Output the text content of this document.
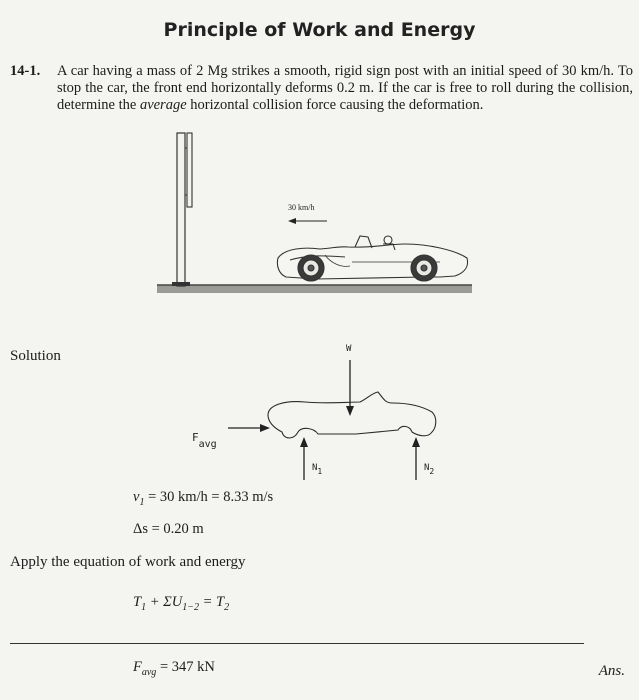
Principle of Work and Energy
14-1. A car having a mass of 2 Mg strikes a smooth, rigid sign post with an initial speed of 30 km/h. To stop the car, the front end horizontally deforms 0.2 m. If the car is free to roll during the collision, determine the average horizontal collision force causing the deformation.
30 km/h
W
Favg
N1	N2
Solution
$v_1 = 30$ km/h = 8.33 m/s
Δs = 0.20 m
Apply the equation of work and energy
$T_1 + \Sigma U_{1-2} = T_2$
$F_{avg} = 347$ kN	Ans.
